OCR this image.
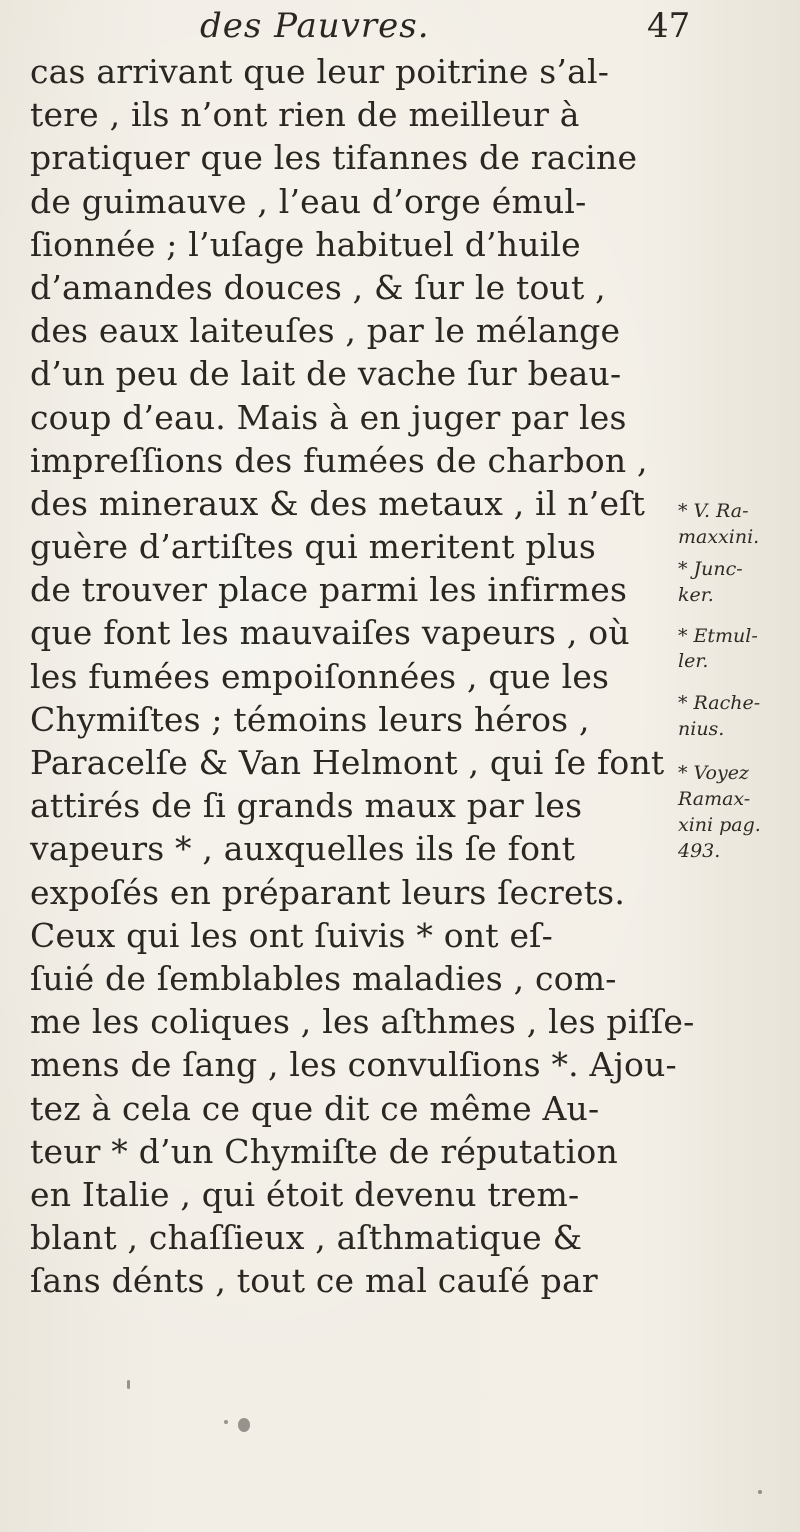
des Pauvres.	47
cas arrivant que leur poitrine s’al-
tere , ils n’ont rien de meilleur à
pratiquer que les tifannes de racine
de guimauve , l’eau d’orge émul-
ſionnée ; l’uſage habituel d’huile
d’amandes douces , & ſur le tout ,
des eaux laiteuſes , par le mélange
d’un peu de lait de vache ſur beau-
coup d’eau. Mais à en juger par les
impreſſions des fumées de charbon ,
des mineraux & des metaux , il n’eſt
guère d’artiſtes qui meritent plus
de trouver place parmi les infirmes
que font les mauvaiſes vapeurs , où
les fumées empoiſonnées , que les
Chymiſtes ; témoins leurs héros ,
Paracelſe & Van Helmont , qui ſe font
attirés de ſi grands maux par les
vapeurs * , auxquelles ils ſe font
expoſés en préparant leurs ſecrets.
Ceux qui les ont ſuivis * ont eſ-
ſuié de ſemblables maladies , com-
me les coliques , les aſthmes , les piſſe-
mens de ſang , les convulſions *. Ajou-
tez à cela ce que dit ce même Au-
teur * d’un Chymiſte de réputation
en Italie , qui étoit devenu trem-
blant , chaſſieux , aſthmatique &
ſans dénts , tout ce mal cauſé par
* V. Ra-
maxxini.
* Junc-
ker.
* Etmul-
ler.
* Rache-
nius.
* Voyez
Ramax-
xini pag.
493.
